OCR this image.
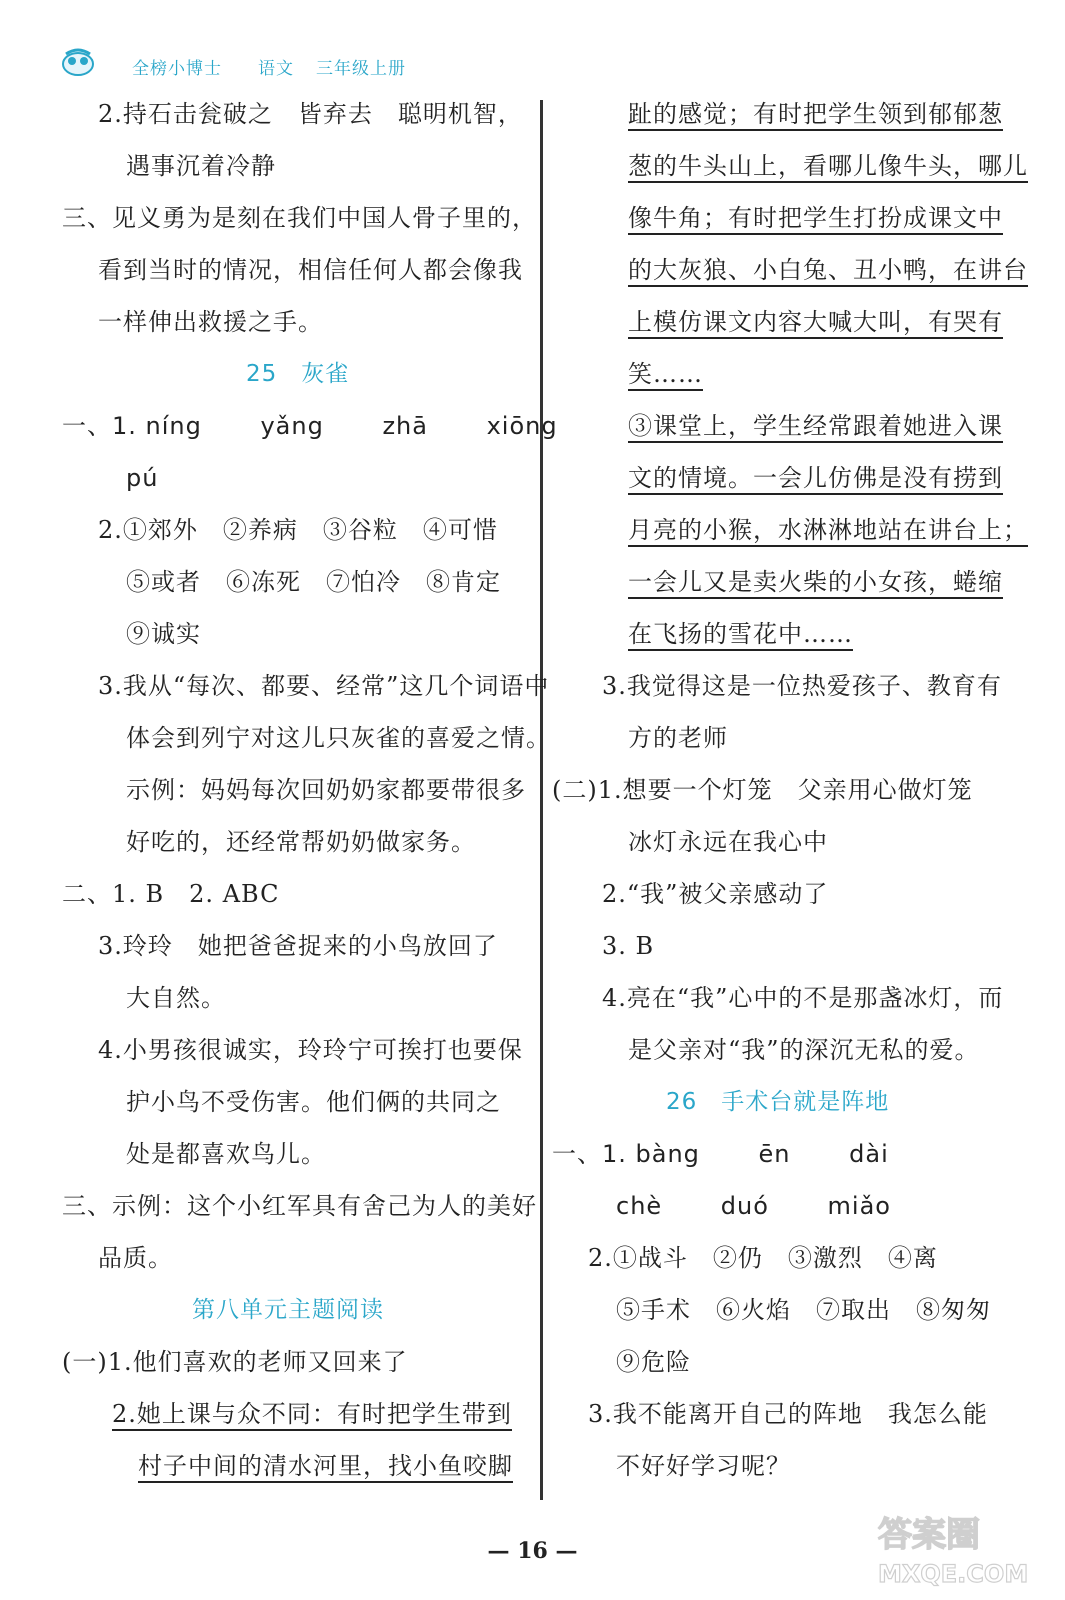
全榜小博士 语文 三年级上册
2.持石击瓮破之　皆弃去　聪明机智，
遇事沉着冷静
三、见义勇为是刻在我们中国人骨子里的，
看到当时的情况，相信任何人都会像我
一样伸出救援之手。
25　灰雀
一、1. níng　　 yǎng　　 zhā　　 xiōng
pú
2.①郊外　②养病　③谷粒　④可惜
⑤或者　⑥冻死　⑦怕冷　⑧肯定
⑨诚实
3.我从“每次、都要、经常”这几个词语中
体会到列宁对这儿只灰雀的喜爱之情。
示例：妈妈每次回奶奶家都要带很多
好吃的，还经常帮奶奶做家务。
二、1. B　2. ABC
3.玲玲　她把爸爸捉来的小鸟放回了
大自然。
4.小男孩很诚实，玲玲宁可挨打也要保
护小鸟不受伤害。他们俩的共同之
处是都喜欢鸟儿。
三、示例：这个小红军具有舍己为人的美好
品质。
第八单元主题阅读
(一)1.他们喜欢的老师又回来了
2.她上课与众不同：有时把学生带到
村子中间的清水河里，找小鱼咬脚
趾的感觉；有时把学生领到郁郁葱
葱的牛头山上，看哪儿像牛头，哪儿
像牛角；有时把学生打扮成课文中
的大灰狼、小白兔、丑小鸭，在讲台
上模仿课文内容大喊大叫，有哭有
笑……
③课堂上，学生经常跟着她进入课
文的情境。一会儿仿佛是没有捞到
月亮的小猴，水淋淋地站在讲台上；
一会儿又是卖火柴的小女孩，蜷缩
在飞扬的雪花中……
3.我觉得这是一位热爱孩子、教育有
方的老师
(二)1.想要一个灯笼　父亲用心做灯笼
冰灯永远在我心中
2.“我”被父亲感动了
3. B
4.亮在“我”心中的不是那盏冰灯，而
是父亲对“我”的深沉无私的爱。
26　手术台就是阵地
一、1. bàng　　 ēn　　 dài
chè　　 duó　　 miǎo
2.①战斗　②仍　③激烈　④离
⑤手术　⑥火焰　⑦取出　⑧匆匆
⑨危险
3.我不能离开自己的阵地　我怎么能
不好好学习呢？
— 16 —	答案圈
MXQE.COM
